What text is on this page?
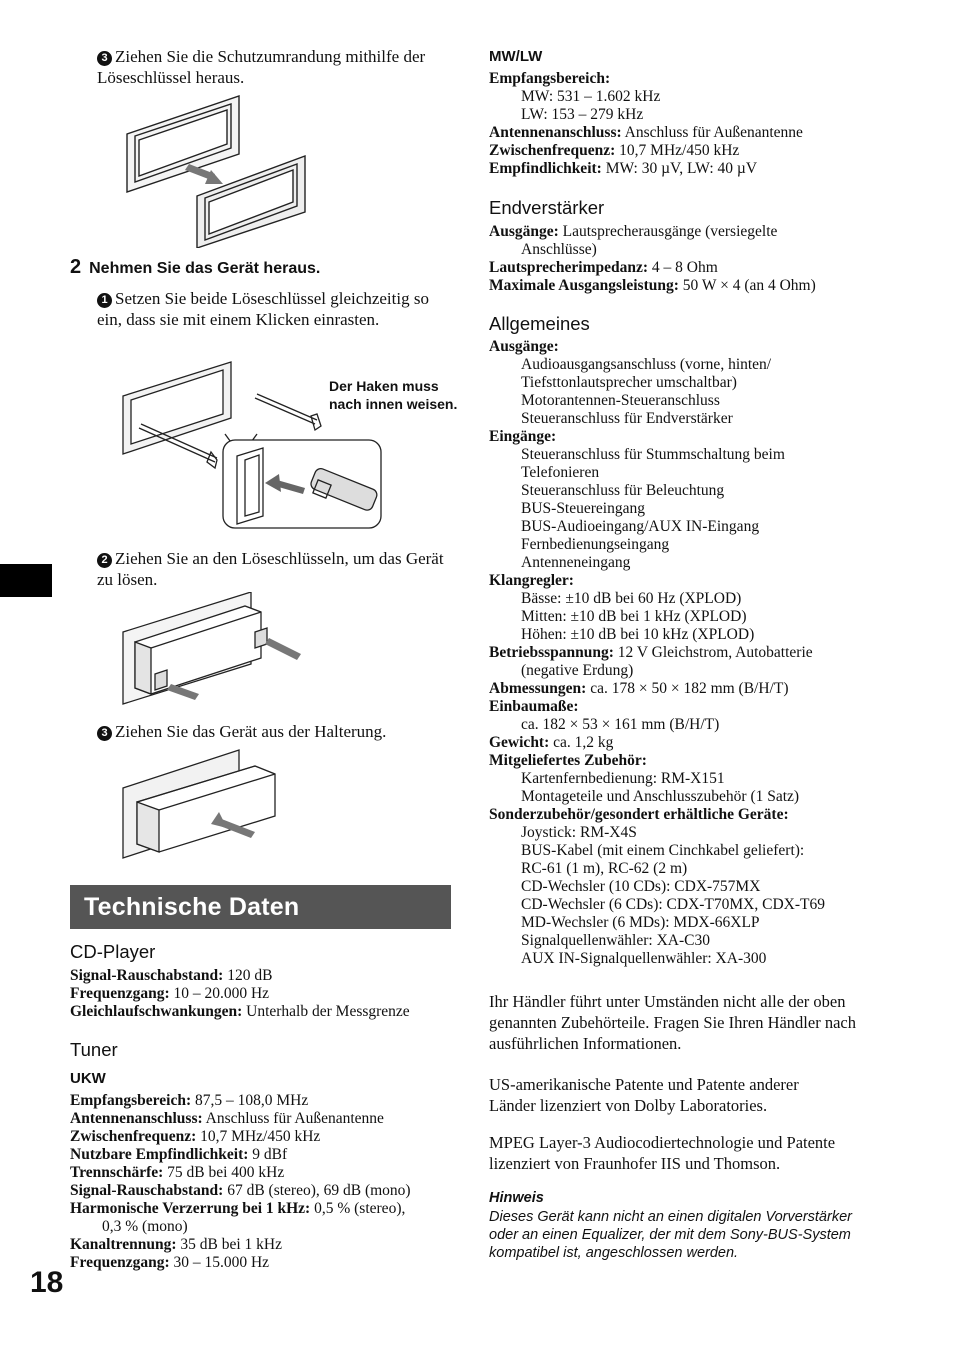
3 Ziehen Sie die Schutzumrandung mithilfe der Löseschlüssel heraus.
2 Nehmen Sie das Gerät heraus.
1 Setzen Sie beide Löseschlüssel gleichzeitig so ein, dass sie mit einem Klicken einrasten.
Der Haken muss nach innen weisen.
2 Ziehen Sie an den Löseschlüsseln, um das Gerät zu lösen.
3 Ziehen Sie das Gerät aus der Halterung.
Technische Daten
CD-Player
Signal-Rauschabstand: 120 dB
Frequenzgang: 10 – 20.000 Hz
Gleichlaufschwankungen: Unterhalb der Messgrenze
Tuner
UKW
Empfangsbereich: 87,5 – 108,0 MHz
Antennenanschluss: Anschluss für Außenantenne
Zwischenfrequenz: 10,7 MHz/450 kHz
Nutzbare Empfindlichkeit: 9 dBf
Trennschärfe: 75 dB bei 400 kHz
Signal-Rauschabstand: 67 dB (stereo), 69 dB (mono)
Harmonische Verzerrung bei 1 kHz: 0,5 % (stereo),
0,3 % (mono)
Kanaltrennung: 35 dB bei 1 kHz
Frequenzgang: 30 – 15.000 Hz
18
MW/LW
Empfangsbereich:
MW: 531 – 1.602 kHz
LW: 153 – 279 kHz
Antennenanschluss: Anschluss für Außenantenne
Zwischenfrequenz: 10,7 MHz/450 kHz
Empfindlichkeit: MW: 30 µV, LW: 40 µV
Endverstärker
Ausgänge: Lautsprecherausgänge (versiegelte
Anschlüsse)
Lautsprecherimpedanz: 4 – 8 Ohm
Maximale Ausgangsleistung: 50 W × 4 (an 4 Ohm)
Allgemeines
Ausgänge:
Audioausgangsanschluss (vorne, hinten/
Tiefsttonlautsprecher umschaltbar)
Motorantennen-Steueranschluss
Steueranschluss für Endverstärker
Eingänge:
Steueranschluss für Stummschaltung beim
Telefonieren
Steueranschluss für Beleuchtung
BUS-Steuereingang
BUS-Audioeingang/AUX IN-Eingang
Fernbedienungseingang
Antenneneingang
Klangregler:
Bässe: ±10 dB bei 60 Hz (XPLOD)
Mitten: ±10 dB bei 1 kHz (XPLOD)
Höhen: ±10 dB bei 10 kHz (XPLOD)
Betriebsspannung: 12 V Gleichstrom, Autobatterie
(negative Erdung)
Abmessungen: ca. 178 × 50 × 182 mm (B/H/T)
Einbaumaße:
ca. 182 × 53 × 161 mm (B/H/T)
Gewicht: ca. 1,2 kg
Mitgeliefertes Zubehör:
Kartenfernbedienung: RM-X151
Montageteile und Anschlusszubehör (1 Satz)
Sonderzubehör/gesondert erhältliche Geräte:
Joystick: RM-X4S
BUS-Kabel (mit einem Cinchkabel geliefert):
RC-61 (1 m), RC-62 (2 m)
CD-Wechsler (10 CDs): CDX-757MX
CD-Wechsler (6 CDs): CDX-T70MX, CDX-T69
MD-Wechsler (6 MDs): MDX-66XLP
Signalquellenwähler: XA-C30
AUX IN-Signalquellenwähler: XA-300
Ihr Händler führt unter Umständen nicht alle der oben genannten Zubehörteile. Fragen Sie Ihren Händler nach ausführlichen Informationen.
US-amerikanische Patente und Patente anderer Länder lizenziert von Dolby Laboratories.
MPEG Layer-3 Audiocodiertechnologie und Patente lizenziert von Fraunhofer IIS und Thomson.
Hinweis
Dieses Gerät kann nicht an einen digitalen Vorverstärker oder an einen Equalizer, der mit dem Sony-BUS-System kompatibel ist, angeschlossen werden.
